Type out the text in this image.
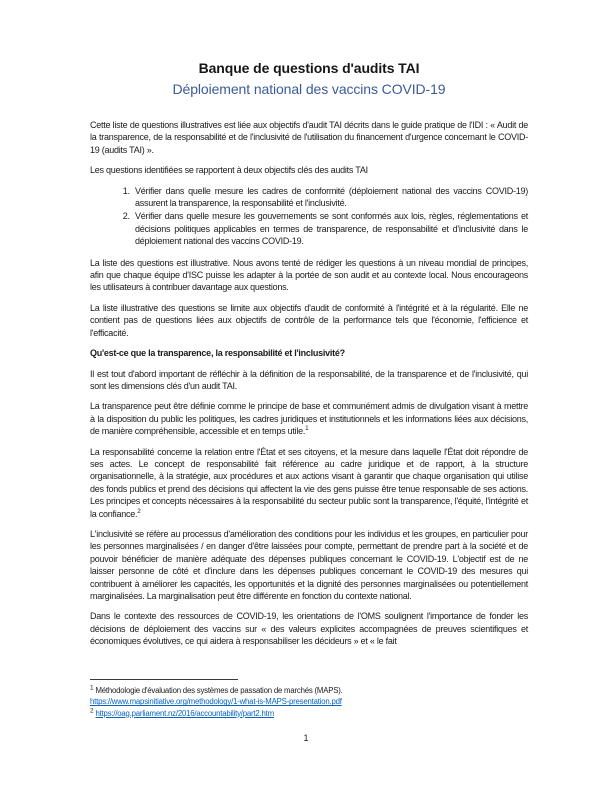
Banque de questions d'audits TAI
Déploiement national des vaccins COVID-19

Cette liste de questions illustratives est liée aux objectifs d'audit TAI décrits dans le guide pratique de l'IDI : « Audit de la transparence, de la responsabilité et de l'inclusivité de l'utilisation du financement d'urgence concernant le COVID-19 (audits TAI) ».

Les questions identifiées se rapportent à deux objectifs clés des audits TAI

1. Vérifier dans quelle mesure les cadres de conformité (déploiement national des vaccins COVID-19) assurent la transparence, la responsabilité et l'inclusivité.
2. Vérifier dans quelle mesure les gouvernements se sont conformés aux lois, règles, réglementations et décisions politiques applicables en termes de transparence, de responsabilité et d'inclusivité dans le déploiement national des vaccins COVID-19.

La liste des questions est illustrative. Nous avons tenté de rédiger les questions à un niveau mondial de principes, afin que chaque équipe d'ISC puisse les adapter à la portée de son audit et au contexte local. Nous encourageons les utilisateurs à contribuer davantage aux questions.

La liste illustrative des questions se limite aux objectifs d'audit de conformité à l'intégrité et à la régularité. Elle ne contient pas de questions liées aux objectifs de contrôle de la performance tels que l'économie, l'efficience et l'efficacité.

Qu'est-ce que la transparence, la responsabilité et l'inclusivité?

Il est tout d'abord important de réfléchir à la définition de la responsabilité, de la transparence et de l'inclusivité, qui sont les dimensions clés d'un audit TAI.

La transparence peut être définie comme le principe de base et communément admis de divulgation visant à mettre à la disposition du public les politiques, les cadres juridiques et institutionnels et les informations liées aux décisions, de manière compréhensible, accessible et en temps utile.$^1$

La responsabilité concerne la relation entre l'État et ses citoyens, et la mesure dans laquelle l'État doit répondre de ses actes. Le concept de responsabilité fait référence au cadre juridique et de rapport, à la structure organisationnelle, à la stratégie, aux procédures et aux actions visant à garantir que chaque organisation qui utilise des fonds publics et prend des décisions qui affectent la vie des gens puisse être tenue responsable de ses actions. Les principes et concepts nécessaires à la responsabilité du secteur public sont la transparence, l'équité, l'intégrité et la confiance.$^2$

L'inclusivité se réfère au processus d'amélioration des conditions pour les individus et les groupes, en particulier pour les personnes marginalisées / en danger d'être laissées pour compte, permettant de prendre part à la société et de pouvoir bénéficier de manière adéquate des dépenses publiques concernant le COVID-19. L'objectif est de ne laisser personne de côté et d'inclure dans les dépenses publiques concernant le COVID-19 des mesures qui contribuent à améliorer les capacités, les opportunités et la dignité des personnes marginalisées ou potentiellement marginalisées. La marginalisation peut être différente en fonction du contexte national.

Dans le contexte des ressources de COVID-19, les orientations de l'OMS soulignent l'importance de fonder les décisions de déploiement des vaccins sur « des valeurs explicites accompagnées de preuves scientifiques et économiques évolutives, ce qui aidera à responsabiliser les décideurs » et « le fait

$^1$ Méthodologie d'évaluation des systèmes de passation de marchés (MAPS).
https://www.mapsinitiative.org/methodology/1-what-is-MAPS-presentation.pdf
$^2$ https://oag.parliament.nz/2016/accountability/part2.htm
1
